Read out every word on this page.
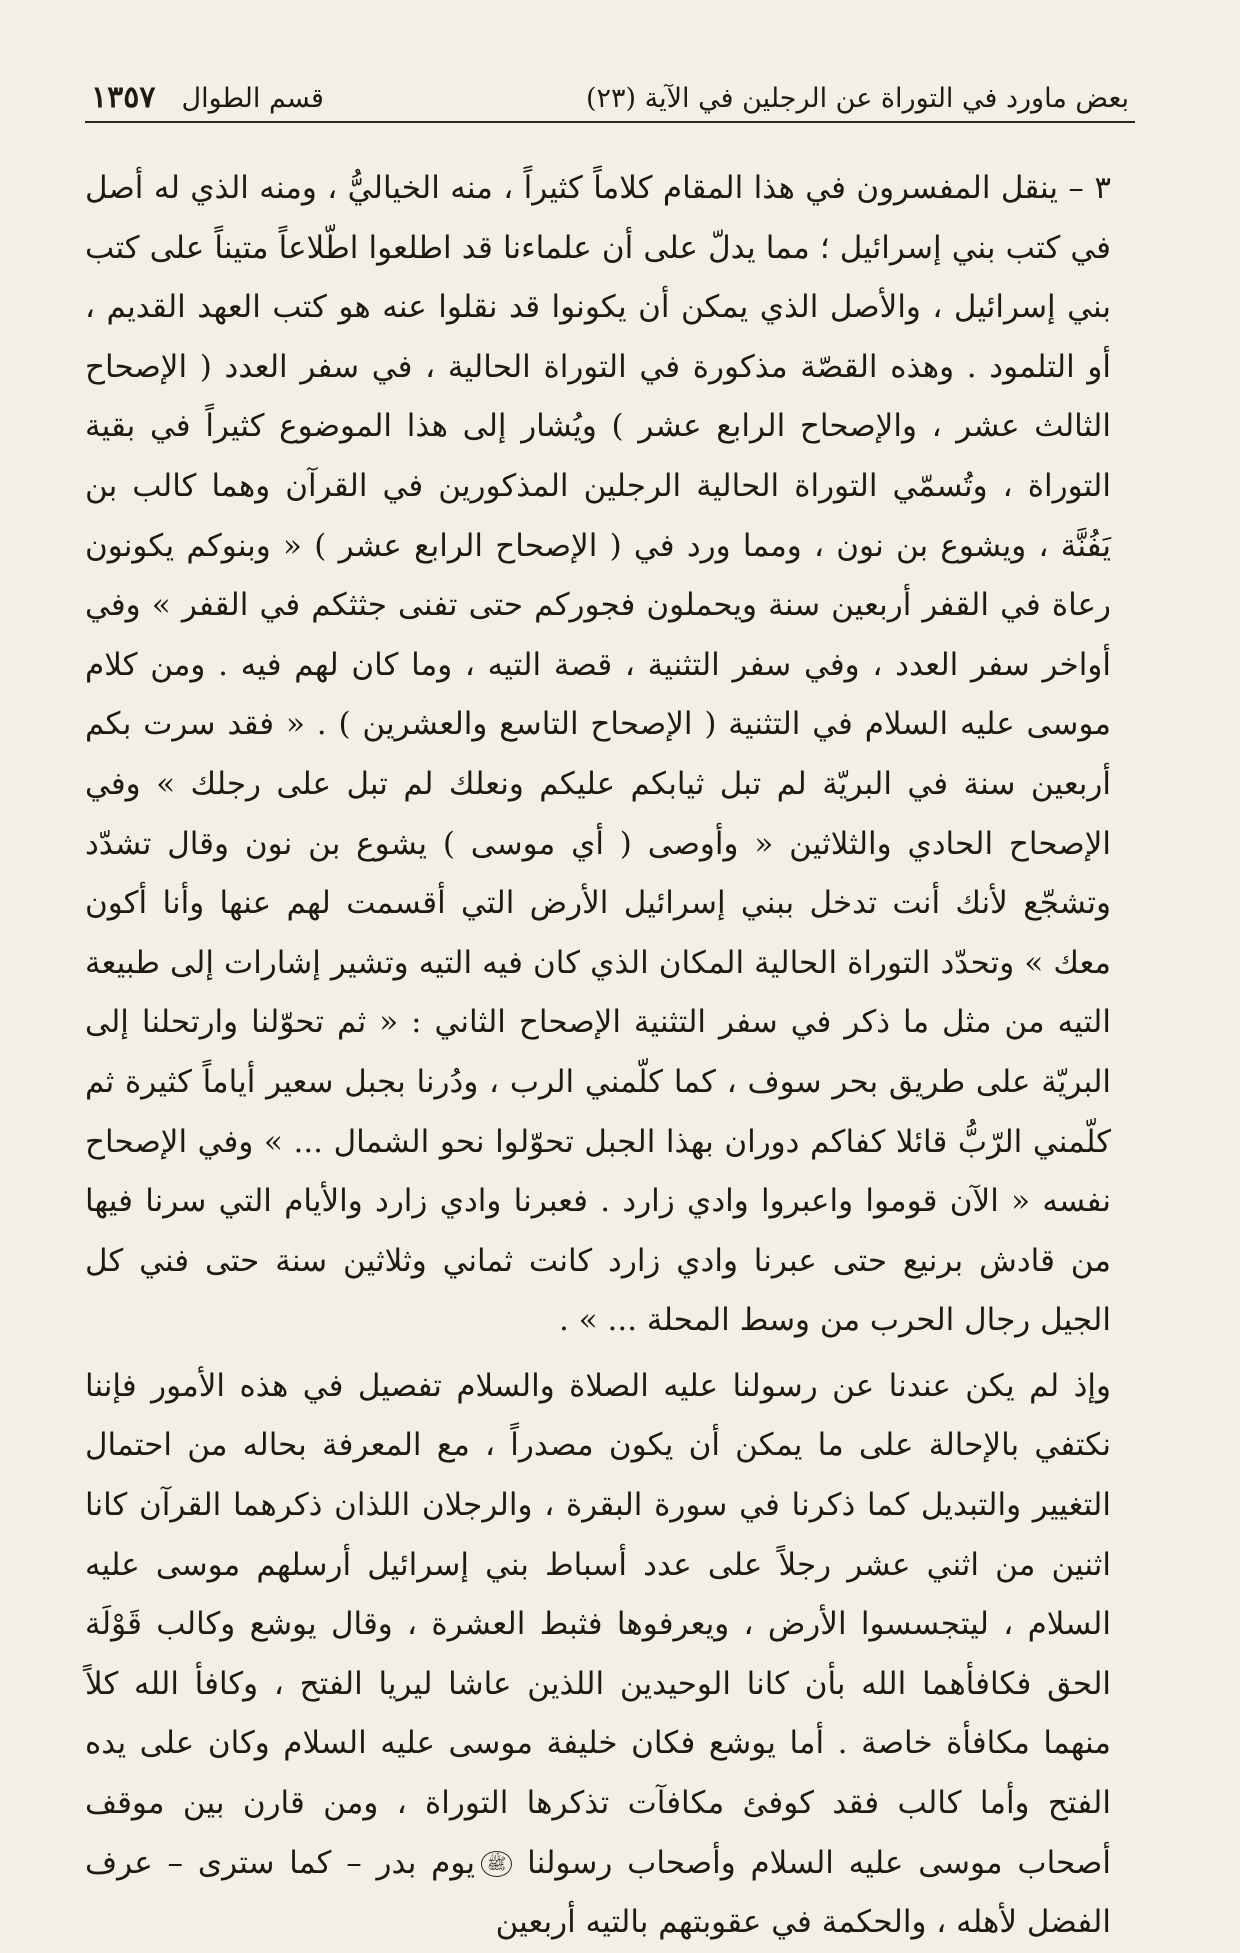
بعض ماورد في التوراة عن الرجلين في الآية (٢٣)
قسم الطوال
١٣٥٧

٣ – ينقل المفسرون في هذا المقام كلاماً كثيراً ، منه الخياليُّ ، ومنه الذي له أصل في كتب بني إسرائيل ؛ مما يدلّ على أن علماءنا قد اطلعوا اطّلاعاً متيناً على كتب بني إسرائيل ، والأصل الذي يمكن أن يكونوا قد نقلوا عنه هو كتب العهد القديم ، أو التلمود . وهذه القصّة مذكورة في التوراة الحالية ، في سفر العدد ( الإصحاح الثالث عشر ، والإصحاح الرابع عشر ) ويُشار إلى هذا الموضوع كثيراً في بقية التوراة ، وتُسمّي التوراة الحالية الرجلين المذكورين في القرآن وهما كالب بن يَفُنَّة ، ويشوع بن نون ، ومما ورد في ( الإصحاح الرابع عشر ) « وبنوكم يكونون رعاة في القفر أربعين سنة ويحملون فجوركم حتى تفنى جثثكم في القفر » وفي أواخر سفر العدد ، وفي سفر التثنية ، قصة التيه ، وما كان لهم فيه . ومن كلام موسى عليه السلام في التثنية ( الإصحاح التاسع والعشرين ) . « فقد سرت بكم أربعين سنة في البريّة لم تبل ثيابكم عليكم ونعلك لم تبل على رجلك » وفي الإصحاح الحادي والثلاثين « وأوصى ( أي موسى ) يشوع بن نون وقال تشدّد وتشجّع لأنك أنت تدخل ببني إسرائيل الأرض التي أقسمت لهم عنها وأنا أكون معك » وتحدّد التوراة الحالية المكان الذي كان فيه التيه وتشير إشارات إلى طبيعة التيه من مثل ما ذكر في سفر التثنية الإصحاح الثاني : « ثم تحوّلنا وارتحلنا إلى البريّة على طريق بحر سوف ، كما كلّمني الرب ، ودُرنا بجبل سعير أياماً كثيرة ثم كلّمني الرّبُّ قائلا كفاكم دوران بهذا الجبل تحوّلوا نحو الشمال ... » وفي الإصحاح نفسه « الآن قوموا واعبروا وادي زارد . فعبرنا وادي زارد والأيام التي سرنا فيها من قادش برنيع حتى عبرنا وادي زارد كانت ثماني وثلاثين سنة حتى فني كل الجيل رجال الحرب من وسط المحلة ... » .

وإذ لم يكن عندنا عن رسولنا عليه الصلاة والسلام تفصيل في هذه الأمور فإننا نكتفي بالإحالة على ما يمكن أن يكون مصدراً ، مع المعرفة بحاله من احتمال التغيير والتبديل كما ذكرنا في سورة البقرة ، والرجلان اللذان ذكرهما القرآن كانا اثنين من اثني عشر رجلاً على عدد أسباط بني إسرائيل أرسلهم موسى عليه السلام ، ليتجسسوا الأرض ، ويعرفوها فثبط العشرة ، وقال يوشع وكالب قَوْلَة الحق فكافأهما الله بأن كانا الوحيدين اللذين عاشا ليريا الفتح ، وكافأ الله كلاً منهما مكافأة خاصة . أما يوشع فكان خليفة موسى عليه السلام وكان على يده الفتح وأما كالب فقد كوفئ مكافآت تذكرها التوراة ، ومن قارن بين موقف أصحاب موسى عليه السلام وأصحاب رسولنا ﷺيوم بدر – كما سترى – عرف الفضل لأهله ، والحكمة في عقوبتهم بالتيه أربعين
